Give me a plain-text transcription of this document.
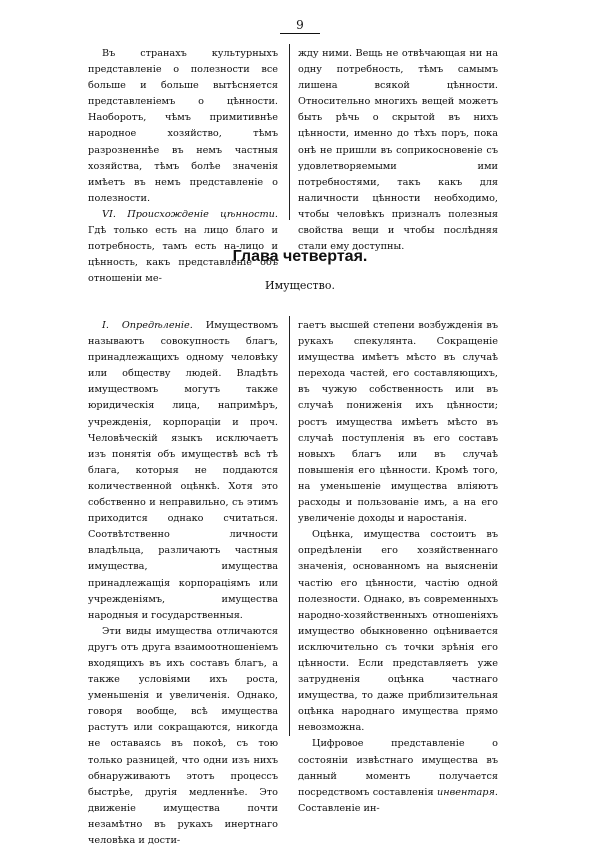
9

Въ странахъ культурныхъ представленіе о полезности все больше и больше вытѣсняется представленіемъ о цѣнности. Наоборотъ, чѣмъ примитивнѣе народное хозяйство, тѣмъ разрозненнѣе въ немъ частныя хозяйства, тѣмъ болѣе значенія имѣетъ въ немъ представленіе о полезности.

VI. Происхожденіе цѣнности. Гдѣ только есть на лицо благо и потребность, тамъ есть на-лицо и цѣнность, какъ представленіе объ отношеніи ме-

жду ними. Вещь не отвѣчающая ни на одну потребность, тѣмъ самымъ лишена всякой цѣнности. Относительно многихъ вещей можетъ быть рѣчь о скрытой въ нихъ цѣнности, именно до тѣхъ поръ, пока онѣ не пришли въ соприкосновеніе съ удовлетворяемыми ими потребностями, такъ какъ для наличности цѣнности необходимо, чтобы человѣкъ призналъ полезныя свойства вещи и чтобы послѣдняя стали ему доступны.

Глава четвертая.
Имущество.

I. Опредѣленіе. Имуществомъ называютъ совокупность благъ, принадлежащихъ одному человѣку или обществу людей. Владѣть имуществомъ могутъ также юридическія лица, напримѣръ, учрежденія, корпораціи и проч. Человѣческій языкъ исключаетъ изъ понятія объ имуществѣ всѣ тѣ блага, которыя не поддаются количественной оцѣнкѣ. Хотя это собственно и неправильно, съ этимъ приходится однако считаться. Соотвѣтственно личности владѣльца, различаютъ частныя имущества, имущества принадлежащія корпораціямъ или учрежденіямъ, имущества народныя и государственныя.

Эти виды имущества отличаются другъ отъ друга взаимоотношеніемъ входящихъ въ ихъ составъ благъ, а также условіями ихъ роста, уменьшенія и увеличенія. Однако, говоря вообще, всѣ имущества растутъ или сокращаются, никогда не оставаясь въ покоѣ, съ тою только разницей, что одни изъ нихъ обнаруживаютъ этотъ процессъ быстрѣе, другія медленнѣе. Это движеніе имущества почти незамѣтно въ рукахъ инертнаго человѣка и дости-

гаетъ высшей степени возбужденія въ рукахъ спекулянта. Сокращеніе имущества имѣетъ мѣсто въ случаѣ перехода частей, его составляющихъ, въ чужую собственность или въ случаѣ пониженія ихъ цѣнности; ростъ имущества имѣетъ мѣсто въ случаѣ поступленія въ его составъ новыхъ благъ или въ случаѣ повышенія его цѣнности. Кромѣ того, на уменьшеніе имущества вліяютъ расходы и пользованіе имъ, а на его увеличеніе доходы и наростанія.

Оцѣнка, имущества состоитъ въ опредѣленіи его хозяйственнаго значенія, основанномъ на выясненіи частію его цѣнности, частію одной полезности. Однако, въ современныхъ народно-хозяйственныхъ отношеніяхъ имущество обыкновенно оцѣнивается исключительно съ точки зрѣнія его цѣнности. Если представляетъ уже затрудненія оцѣнка частнаго имущества, то даже приблизительная оцѣнка народнаго имущества прямо невозможна.

Цифровое представленіе о состояніи извѣстнаго имущества въ данный моментъ получается посредствомъ составленія инвентаря. Составленіе ин-
